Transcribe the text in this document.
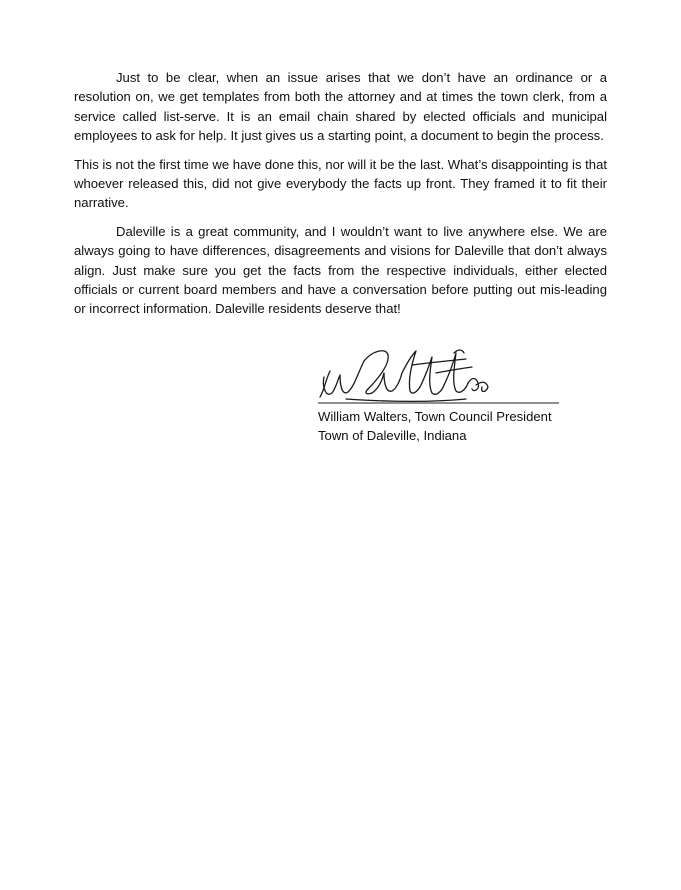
Just to be clear, when an issue arises that we don’t have an ordinance or a resolution on, we get templates from both the attorney and at times the town clerk, from a service called list-serve. It is an email chain shared by elected officials and municipal employees to ask for help. It just gives us a starting point, a document to begin the process.

This is not the first time we have done this, nor will it be the last. What’s disappointing is that whoever released this, did not give everybody the facts up front. They framed it to fit their narrative.

Daleville is a great community, and I wouldn’t want to live anywhere else. We are always going to have differences, disagreements and visions for Daleville that don’t always align. Just make sure you get the facts from the respective individuals, either elected officials or current board members and have a conversation before putting out mis-leading or incorrect information. Daleville residents deserve that!

William Walters, Town Council President
Town of Daleville, Indiana
